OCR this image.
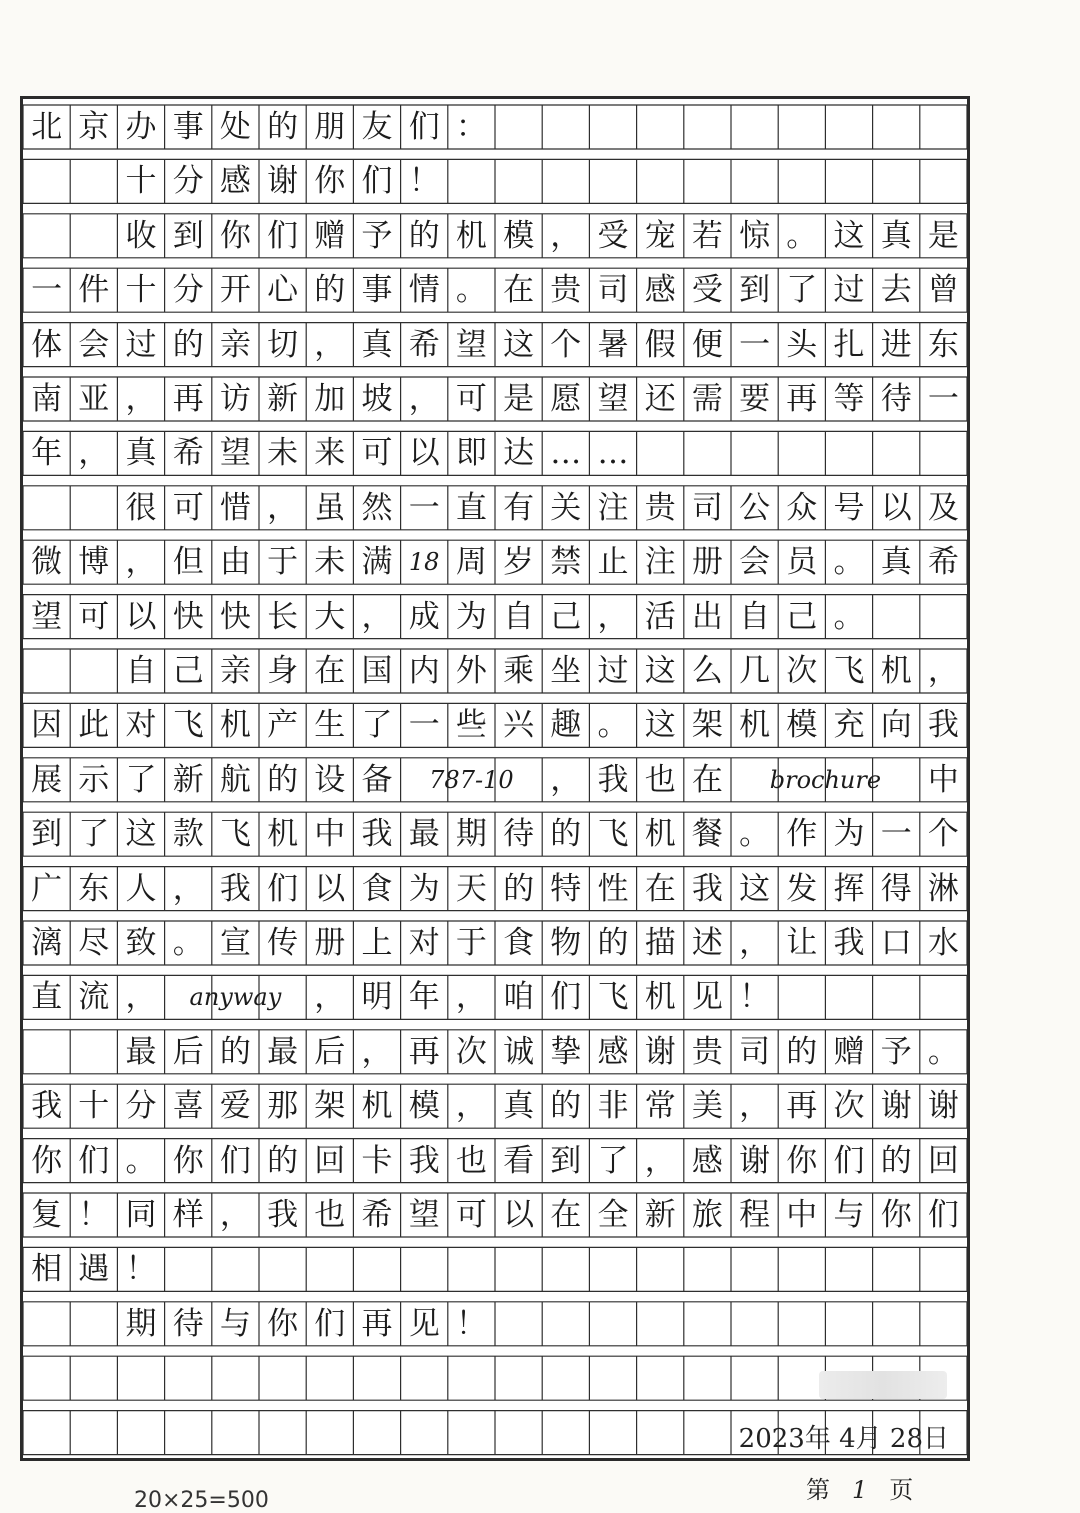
北 京 办 事 处 的 朋 友 们 ：

十 分 感 谢 你 们 ！

收 到 你 们 赠 予 的 机 模 ， 受 宠 若 惊 。 这 真 是
一 件 十 分 开 心 的 事 情 。 在 贵 司 感 受 到 了 过 去 曾
体 会 过 的 亲 切 ， 真 希 望 这 个 暑 假 便 一 头 扎 进 东
南 亚 ， 再 访 新 加 坡 ， 可 是 愿 望 还 需 要 再 等 待 一
年 ， 真 希 望 未 来 可 以 即 达 … …

很 可 惜 ， 虽 然 一 直 有 关 注 贵 司 公 众 号 以 及
微 博 ， 但 由 于 未 满 18 周 岁 禁 止 注 册 会 员 。 真 希
望 可 以 快 快 长 大 ， 成 为 自 己 ， 活 出 自 己 。

自 己 亲 身 在 国 内 外 乘 坐 过 这 么 几 次 飞 机 ，
因 此 对 飞 机 产 生 了 一 些 兴 趣 。 这 架 机 模 充 向 我
展 示 了 新 航 的 设 备	787-10	， 我 也 在	brochure	中
到 了 这 款 飞 机 中 我 最 期 待 的 飞 机 餐 。 作 为 一 个
广 东 人 ， 我 们 以 食 为 天 的 特 性 在 我 这 发 挥 得 淋
漓 尽 致 。 宣 传 册 上 对 于 食 物 的 描 述 ， 让 我 口 水
直 流 ，	anyway	， 明 年 ， 咱 们 飞 机 见 ！

最 后 的 最 后 ， 再 次 诚 挚 感 谢 贵 司 的 赠 予 。
我 十 分 喜 爱 那 架 机 模 ， 真 的 非 常 美 ， 再 次 谢 谢
你 们 。 你 们 的 回 卡 我 也 看 到 了 ， 感 谢 你 们 的 回
复 ！ 同 样 ， 我 也 希 望 可 以 在 全 新 旅 程 中 与 你 们
相 遇 ！

期 待 与 你 们 再 见 ！
2023年 4月 28日
20×25=500	第 1 页
